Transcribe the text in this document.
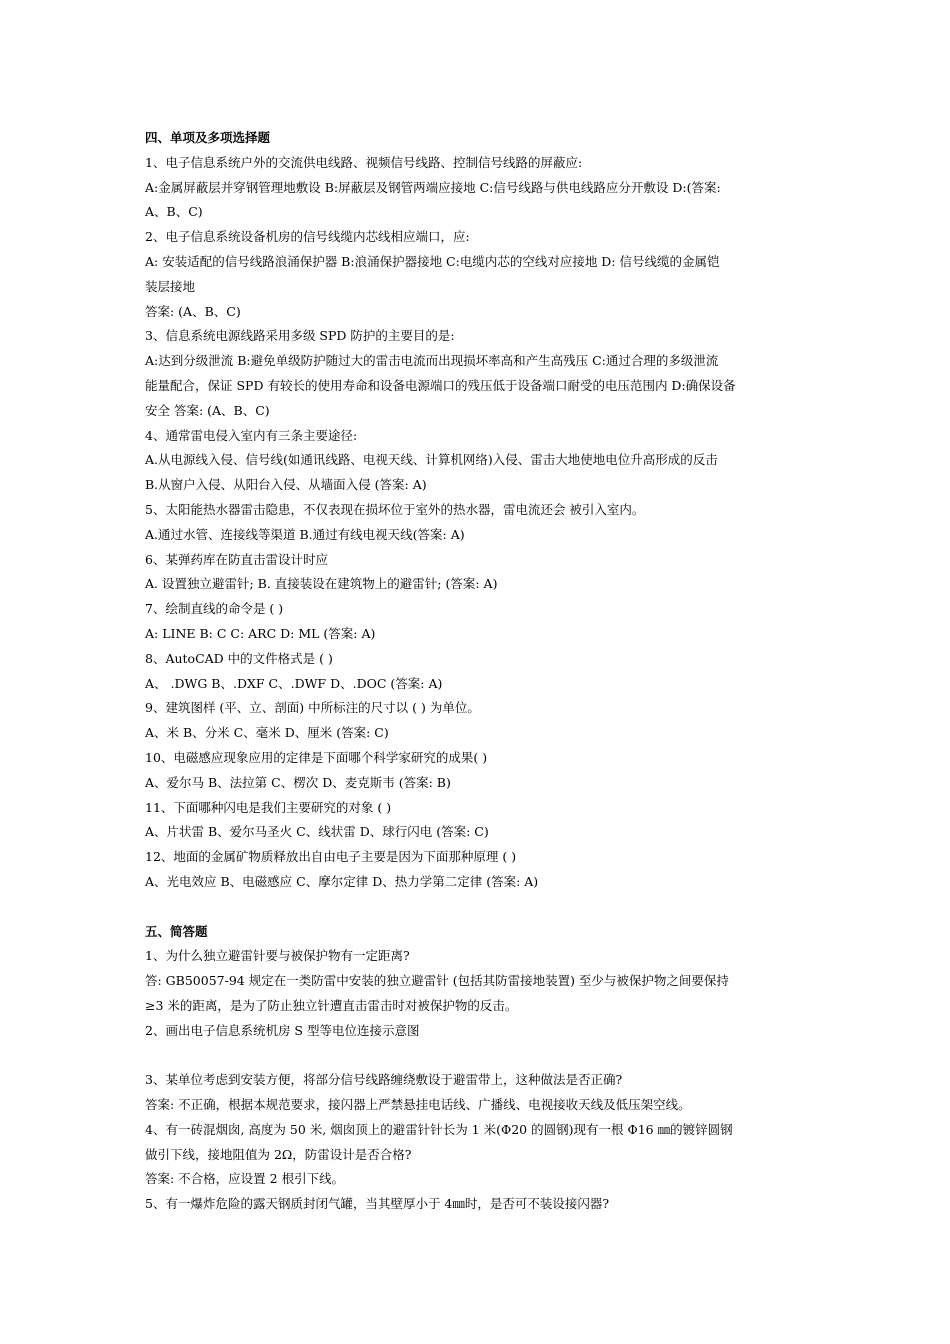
四、单项及多项选择题
1、电子信息系统户外的交流供电线路、视频信号线路、控制信号线路的屏蔽应:
A:金属屏蔽层并穿钢管理地敷设 B:屏蔽层及钢管两端应接地 C:信号线路与供电线路应分开敷设 D:(答案:
A、B、C)
2、电子信息系统设备机房的信号线缆内芯线相应端口，应:
A: 安装适配的信号线路浪涌保护器 B:浪涌保护器接地 C:电缆内芯的空线对应接地 D: 信号线缆的金属铠
装层接地
答案: (A、B、C)
3、信息系统电源线路采用多级 SPD 防护的主要目的是:
A:达到分级泄流 B:避免单级防护随过大的雷击电流而出现损坏率高和产生高残压 C:通过合理的多级泄流
能量配合，保证 SPD 有较长的使用寿命和设备电源端口的残压低于设备端口耐受的电压范围内 D:确保设备
安全 答案: (A、B、C)
4、通常雷电侵入室内有三条主要途径:
A.从电源线入侵、信号线(如通讯线路、电视天线、计算机网络)入侵、雷击大地使地电位升高形成的反击
B.从窗户入侵、从阳台入侵、从墙面入侵 (答案: A)
5、太阳能热水器雷击隐患，不仅表现在损坏位于室外的热水器，雷电流还会 被引入室内。
A.通过水管、连接线等渠道 B.通过有线电视天线(答案: A)
6、某弹药库在防直击雷设计时应
A. 设置独立避雷针; B. 直接装设在建筑物上的避雷针; (答案: A)
7、绘制直线的命令是 ( )
A: LINE B: C C: ARC D: ML (答案: A)
8、AutoCAD 中的文件格式是 ( )
A、 .DWG B、.DXF C、.DWF D、.DOC (答案: A)
9、建筑图样 (平、立、剖面) 中所标注的尺寸以 ( ) 为单位。
A、米 B、分米 C、毫米 D、厘米 (答案: C)
10、电磁感应现象应用的定律是下面哪个科学家研究的成果( )
A、爱尔马 B、法拉第 C、楞次 D、麦克斯韦 (答案: B)
11、下面哪种闪电是我们主要研究的对象 ( )
A、片状雷 B、爱尔马圣火 C、线状雷 D、球行闪电 (答案: C)
12、地面的金属矿物质释放出自由电子主要是因为下面那种原理 ( )
A、光电效应 B、电磁感应 C、摩尔定律 D、热力学第二定律 (答案: A)
五、简答题
1、为什么独立避雷针要与被保护物有一定距离?
答: GB50057-94 规定在一类防雷中安装的独立避雷针 (包括其防雷接地装置) 至少与被保护物之间要保持
≥3 米的距离，是为了防止独立针遭直击雷击时对被保护物的反击。
2、画出电子信息系统机房 S 型等电位连接示意图
3、某单位考虑到安装方便，将部分信号线路缠绕敷设于避雷带上，这种做法是否正确?
答案: 不正确，根据本规范要求，接闪器上严禁悬挂电话线、广播线、电视接收天线及低压架空线。
4、有一砖混烟囱, 高度为 50 米, 烟囱顶上的避雷针针长为 1 米(Φ20 的圆钢)现有一根 Φ16 ㎜的镀锌圆钢
做引下线，接地阻值为 2Ω，防雷设计是否合格?
答案: 不合格，应设置 2 根引下线。
5、有一爆炸危险的露天钢质封闭气罐，当其壁厚小于 4㎜时，是否可不装设接闪器?
